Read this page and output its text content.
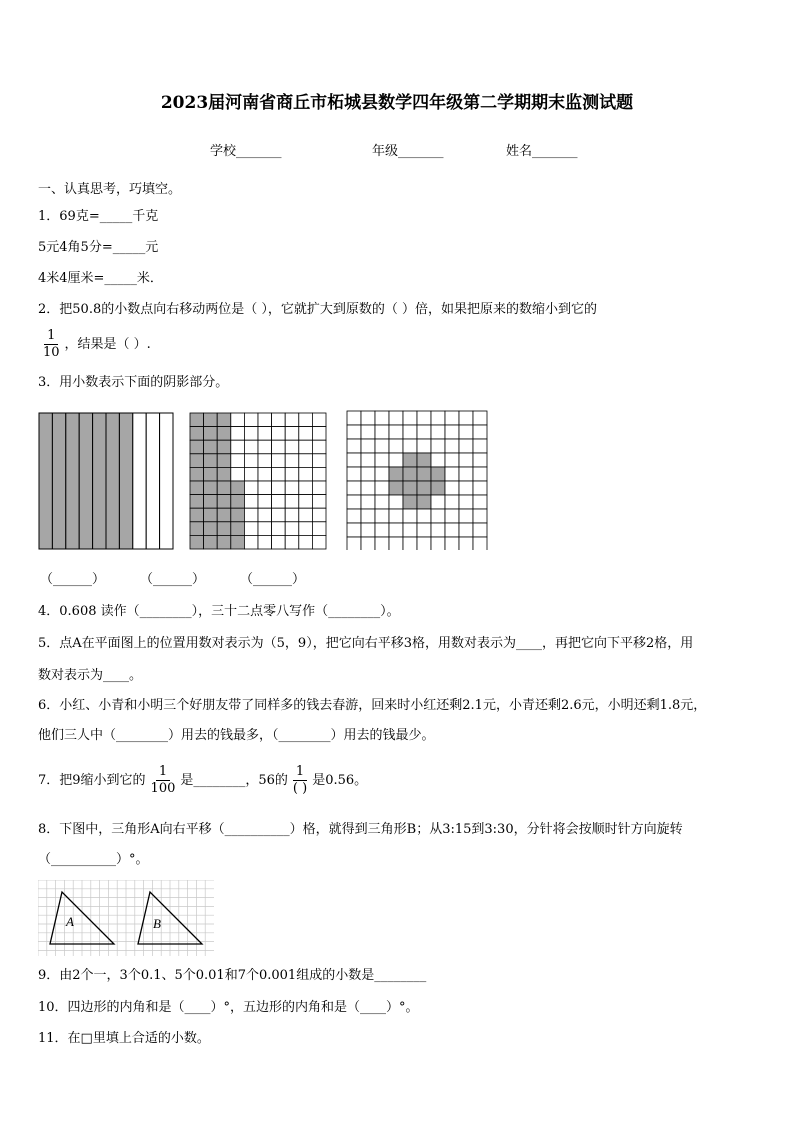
2023届河南省商丘市柘城县数学四年级第二学期期末监测试题
学校_______	年级_______	姓名_______
一、认真思考，巧填空。
1．69克=_____千克
5元4角5分=_____元
4米4厘米=_____米．
2．把50.8的小数点向右移动两位是（ ），它就扩大到原数的（ ）倍，如果把原来的数缩小到它的
$\frac{1}{10}$ ，结果是（ ）.
3．用小数表示下面的阴影部分。
（______）	（______）	（______）
4．0.608 读作（________），三十二点零八写作（________）。
5．点A在平面图上的位置用数对表示为（5，9），把它向右平移3格，用数对表示为____，再把它向下平移2格，用
数对表示为____。
6．小红、小青和小明三个好朋友带了同样多的钱去春游，回来时小红还剩2.1元，小青还剩2.6元，小明还剩1.8元，
他们三人中（________）用去的钱最多，（________）用去的钱最少。
7．把9缩小到它的 $\frac{1}{100}$ 是________，56的 $\frac{1}{( )}$ 是0.56。
8．下图中，三角形A向右平移（__________）格，就得到三角形B；从3:15到3:30，分针将会按顺时针方向旋转
（__________）°。
A	B
9．由2个一，3个0.1、5个0.01和7个0.001组成的小数是________
10．四边形的内角和是（____）°，五边形的内角和是（____）°。
11．在□里填上合适的小数。
